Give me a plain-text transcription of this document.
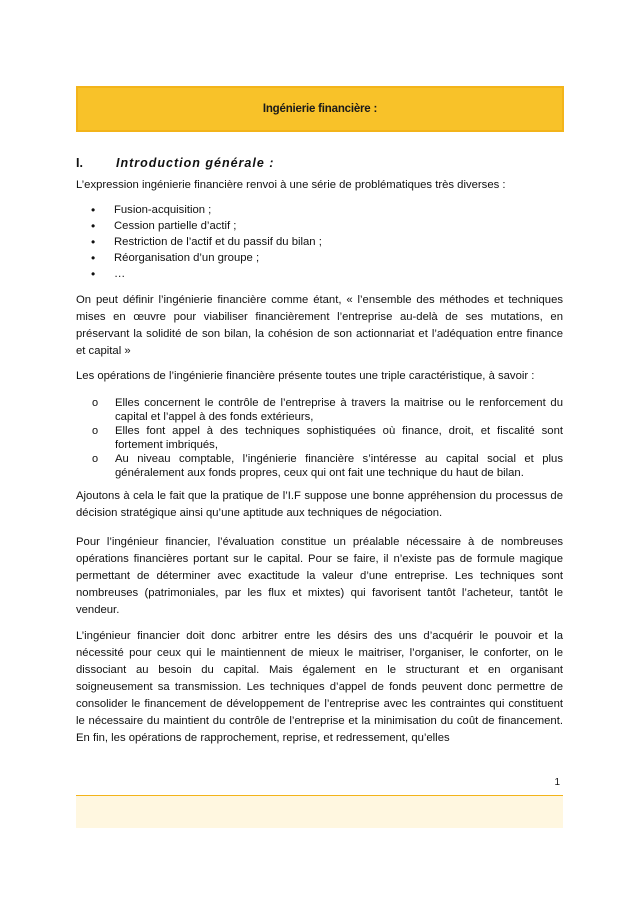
Ingénierie financière :
I.	Introduction générale :

L’expression ingénierie financière renvoi à une série de problématiques très diverses :

• Fusion-acquisition ;
• Cession partielle d’actif ;
• Restriction de l’actif et du passif du bilan ;
• Réorganisation d’un groupe ;
• …

On peut définir l’ingénierie financière comme étant, « l’ensemble des méthodes et techniques mises en œuvre pour viabiliser financièrement l’entreprise au-delà de ses mutations, en préservant la solidité de son bilan, la cohésion de son actionnariat et l’adéquation entre finance et capital »

Les opérations de l’ingénierie financière présente toutes une triple caractéristique, à savoir :

o Elles concernent le contrôle de l’entreprise à travers la maitrise ou le renforcement du capital et l’appel à des fonds extérieurs,
o Elles font appel à des techniques sophistiquées où finance, droit, et fiscalité sont fortement imbriqués,
o Au niveau comptable, l’ingénierie financière s’intéresse au capital social et plus généralement aux fonds propres, ceux qui ont fait une technique du haut de bilan.

Ajoutons à cela le fait que la pratique de l’I.F suppose une bonne appréhension du processus de décision stratégique ainsi qu’une aptitude aux techniques de négociation.

Pour l’ingénieur financier, l’évaluation constitue un préalable nécessaire à de nombreuses opérations financières portant sur le capital. Pour se faire, il n’existe pas de formule magique permettant de déterminer avec exactitude la valeur d’une entreprise. Les techniques sont nombreuses (patrimoniales, par les flux et mixtes) qui favorisent tantôt l’acheteur, tantôt le vendeur.

L’ingénieur financier doit donc arbitrer entre les désirs des uns d’acquérir le pouvoir et la nécessité pour ceux qui le maintiennent de mieux le maitriser, l’organiser, le conforter, on le dissociant au besoin du capital. Mais également en le structurant et en organisant soigneusement sa transmission. Les techniques d’appel de fonds peuvent donc permettre de consolider le financement de développement de l’entreprise avec les contraintes qui constituent le nécessaire du maintient du contrôle de l’entreprise et la minimisation du coût de financement. En fin, les opérations de rapprochement, reprise, et redressement, qu’elles

1
